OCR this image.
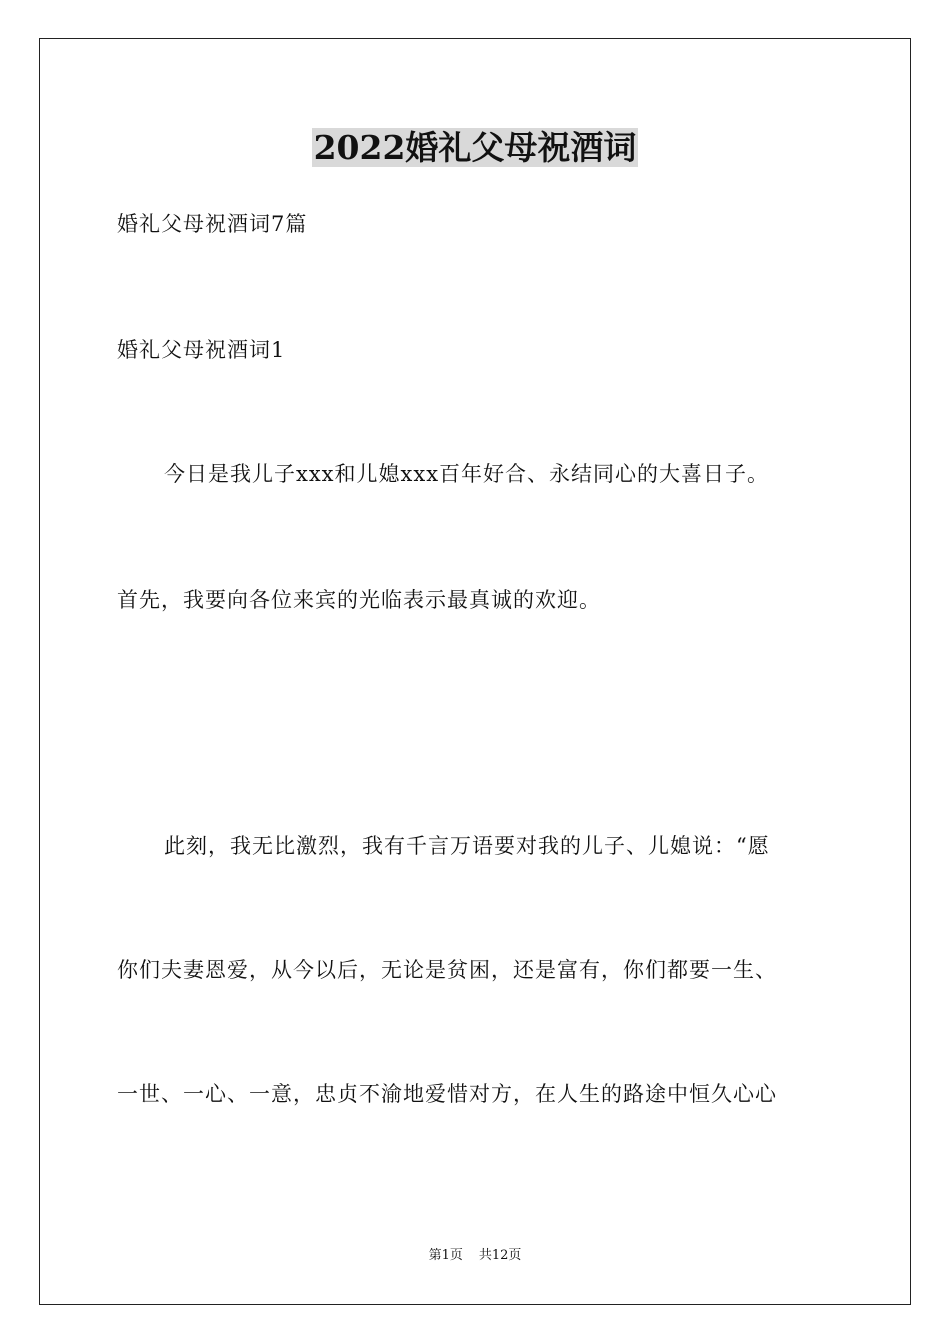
2022婚礼父母祝酒词
婚礼父母祝酒词7篇
婚礼父母祝酒词1
今日是我儿子xxx和儿媳xxx百年好合、永结同心的大喜日子。
首先，我要向各位来宾的光临表示最真诚的欢迎。
此刻，我无比激烈，我有千言万语要对我的儿子、儿媳说：“愿
你们夫妻恩爱，从今以后，无论是贫困，还是富有，你们都要一生、
一世、一心、一意，忠贞不渝地爱惜对方，在人生的路途中恒久心心
第1页 共12页
